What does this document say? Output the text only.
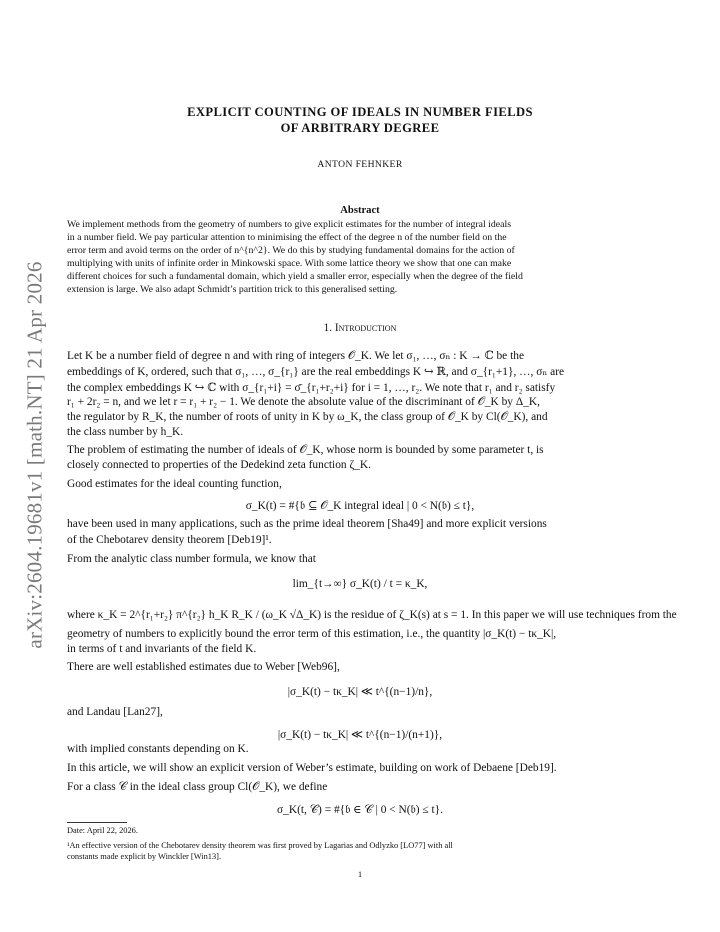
arXiv:2604.19681v1 [math.NT] 21 Apr 2026
EXPLICIT COUNTING OF IDEALS IN NUMBER FIELDS
OF ARBITRARY DEGREE
ANTON FEHNKER
Abstract
We implement methods from the geometry of numbers to give explicit estimates for the number of integral ideals
in a number field. We pay particular attention to minimising the effect of the degree n of the number field on the
error term and avoid terms on the order of n^{n^2}. We do this by studying fundamental domains for the action of
multiplying with units of infinite order in Minkowski space. With some lattice theory we show that one can make
different choices for such a fundamental domain, which yield a smaller error, especially when the degree of the field
extension is large. We also adapt Schmidt’s partition trick to this generalised setting.
1. Introduction
Let K be a number field of degree n and with ring of integers 𝒪_K. We let σ₁, …, σₙ : K → ℂ be the
embeddings of K, ordered, such that σ₁, …, σ_{r₁} are the real embeddings K ↪ ℝ, and σ_{r₁+1}, …, σₙ are
the complex embeddings K ↪ ℂ with σ_{r₁+i} = σ̄_{r₁+r₂+i} for i = 1, …, r₂. We note that r₁ and r₂ satisfy
r₁ + 2r₂ = n, and we let r = r₁ + r₂ − 1. We denote the absolute value of the discriminant of 𝒪_K by Δ_K,
the regulator by R_K, the number of roots of unity in K by ω_K, the class group of 𝒪_K by Cl(𝒪_K), and
the class number by h_K.
The problem of estimating the number of ideals of 𝒪_K, whose norm is bounded by some parameter t, is
closely connected to properties of the Dedekind zeta function ζ_K.
Good estimates for the ideal counting function,
σ_K(t) = #{𝔟 ⊆ 𝒪_K integral ideal | 0 < N(𝔟) ≤ t},
have been used in many applications, such as the prime ideal theorem [Sha49] and more explicit versions
of the Chebotarev density theorem [Deb19]¹.
From the analytic class number formula, we know that
lim_{t→∞} σ_K(t) / t = κ_K,
where κ_K = 2^{r₁+r₂} π^{r₂} h_K R_K / (ω_K √Δ_K) is the residue of ζ_K(s) at s = 1. In this paper we will use techniques from the
geometry of numbers to explicitly bound the error term of this estimation, i.e., the quantity |σ_K(t) − tκ_K|,
in terms of t and invariants of the field K.
There are well established estimates due to Weber [Web96],
|σ_K(t) − tκ_K| ≪ t^{(n−1)/n},
and Landau [Lan27],
|σ_K(t) − tκ_K| ≪ t^{(n−1)/(n+1)},
with implied constants depending on K.
In this article, we will show an explicit version of Weber’s estimate, building on work of Debaene [Deb19].
For a class 𝒞 in the ideal class group Cl(𝒪_K), we define
σ_K(t, 𝒞) = #{𝔟 ∈ 𝒞 | 0 < N(𝔟) ≤ t}.
Date: April 22, 2026.
¹An effective version of the Chebotarev density theorem was first proved by Lagarias and Odlyzko [LO77] with all
constants made explicit by Winckler [Win13].
1
